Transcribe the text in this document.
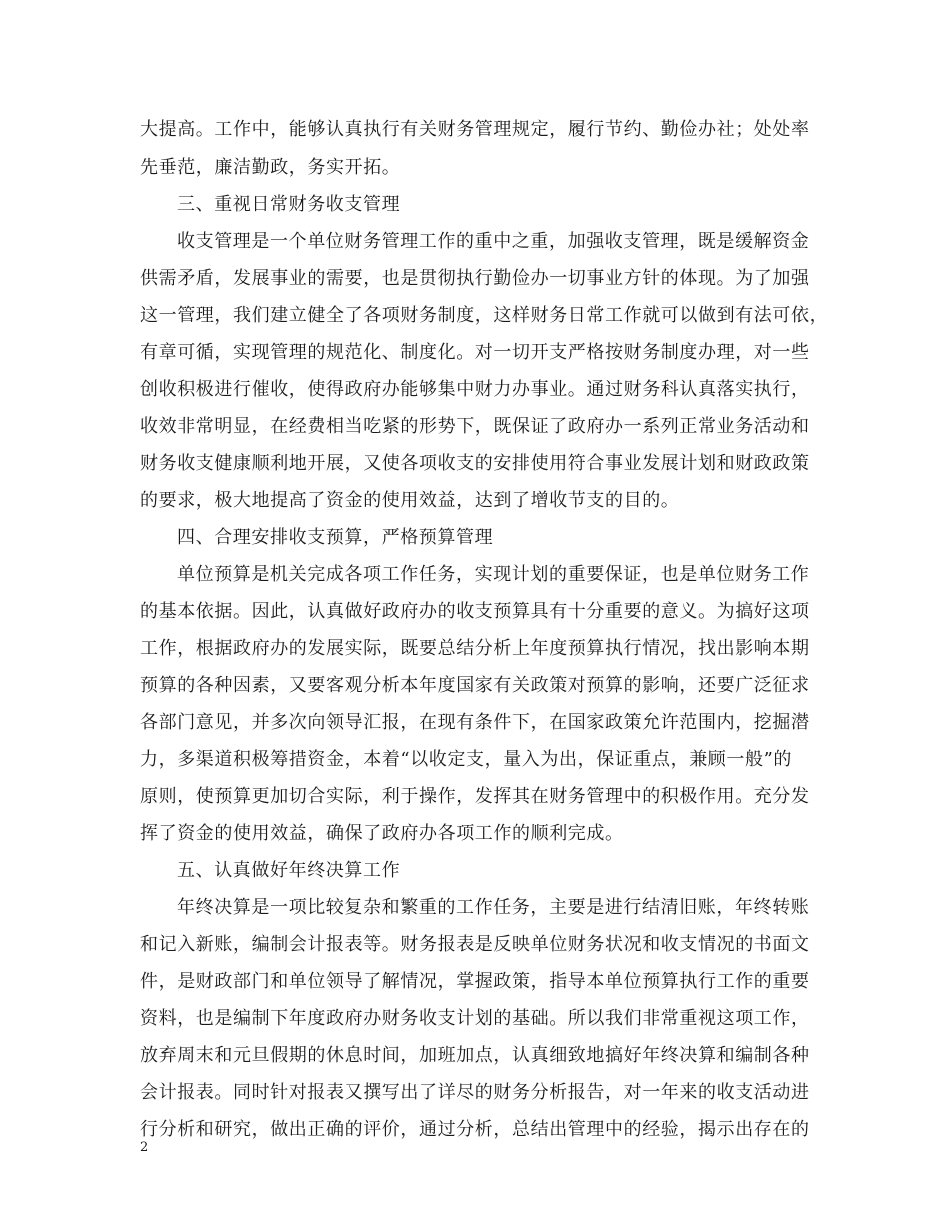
大提高。工作中，能够认真执行有关财务管理规定，履行节约、勤俭办社；处处率
先垂范，廉洁勤政，务实开拓。
三、重视日常财务收支管理
收支管理是一个单位财务管理工作的重中之重，加强收支管理，既是缓解资金
供需矛盾，发展事业的需要，也是贯彻执行勤俭办一切事业方针的体现。为了加强
这一管理，我们建立健全了各项财务制度，这样财务日常工作就可以做到有法可依，
有章可循，实现管理的规范化、制度化。对一切开支严格按财务制度办理，对一些
创收积极进行催收，使得政府办能够集中财力办事业。通过财务科认真落实执行，
收效非常明显，在经费相当吃紧的形势下，既保证了政府办一系列正常业务活动和
财务收支健康顺利地开展，又使各项收支的安排使用符合事业发展计划和财政政策
的要求，极大地提高了资金的使用效益，达到了增收节支的目的。
四、合理安排收支预算，严格预算管理
单位预算是机关完成各项工作任务，实现计划的重要保证，也是单位财务工作
的基本依据。因此，认真做好政府办的收支预算具有十分重要的意义。为搞好这项
工作，根据政府办的发展实际，既要总结分析上年度预算执行情况，找出影响本期
预算的各种因素，又要客观分析本年度国家有关政策对预算的影响，还要广泛征求
各部门意见，并多次向领导汇报，在现有条件下，在国家政策允许范围内，挖掘潜
力，多渠道积极筹措资金，本着“以收定支，量入为出，保证重点，兼顾一般”的
原则，使预算更加切合实际，利于操作，发挥其在财务管理中的积极作用。充分发
挥了资金的使用效益，确保了政府办各项工作的顺利完成。
五、认真做好年终决算工作
年终决算是一项比较复杂和繁重的工作任务，主要是进行结清旧账，年终转账
和记入新账，编制会计报表等。财务报表是反映单位财务状况和收支情况的书面文
件，是财政部门和单位领导了解情况，掌握政策，指导本单位预算执行工作的重要
资料，也是编制下年度政府办财务收支计划的基础。所以我们非常重视这项工作，
放弃周末和元旦假期的休息时间，加班加点，认真细致地搞好年终决算和编制各种
会计报表。同时针对报表又撰写出了详尽的财务分析报告，对一年来的收支活动进
行分析和研究，做出正确的评价，通过分析，总结出管理中的经验，揭示出存在的
2
